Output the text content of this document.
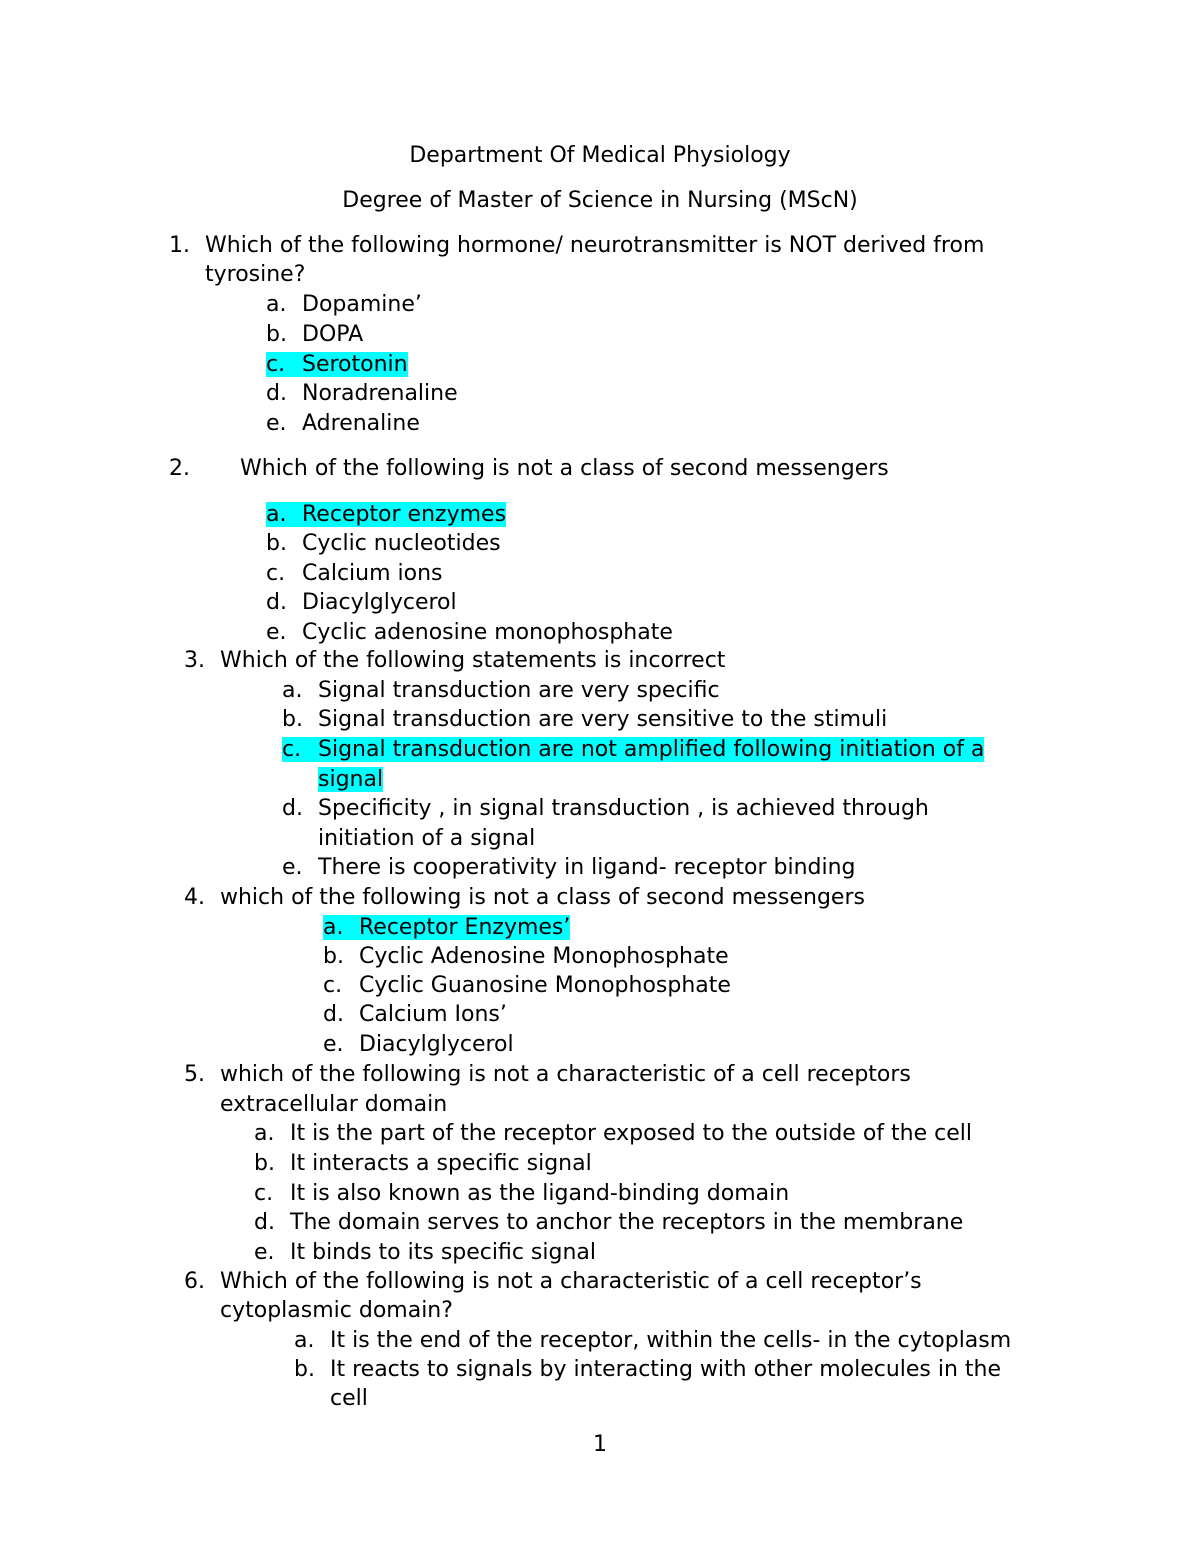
Department Of Medical Physiology
Degree of Master of Science in Nursing (MScN)
1. Which of the following hormone/ neurotransmitter is NOT derived from
tyrosine?
a. Dopamine’
b. DOPA
c. Serotonin
d. Noradrenaline
e. Adrenaline
2. Which of the following is not a class of second messengers
a. Receptor enzymes
b. Cyclic nucleotides
c. Calcium ions
d. Diacylglycerol
e. Cyclic adenosine monophosphate
3. Which of the following statements is incorrect
a. Signal transduction are very specific
b. Signal transduction are very sensitive to the stimuli
c. Signal transduction are not amplified following initiation of a
signal
d. Specificity , in signal transduction , is achieved through
initiation of a signal
e. There is cooperativity in ligand- receptor binding
4. which of the following is not a class of second messengers
a. Receptor Enzymes’
b. Cyclic Adenosine Monophosphate
c. Cyclic Guanosine Monophosphate
d. Calcium Ions’
e. Diacylglycerol
5. which of the following is not a characteristic of a cell receptors
extracellular domain
a. It is the part of the receptor exposed to the outside of the cell
b. It interacts a specific signal
c. It is also known as the ligand-binding domain
d. The domain serves to anchor the receptors in the membrane
e. It binds to its specific signal
6. Which of the following is not a characteristic of a cell receptor’s
cytoplasmic domain?
a. It is the end of the receptor, within the cells- in the cytoplasm
b. It reacts to signals by interacting with other molecules in the
cell
1
